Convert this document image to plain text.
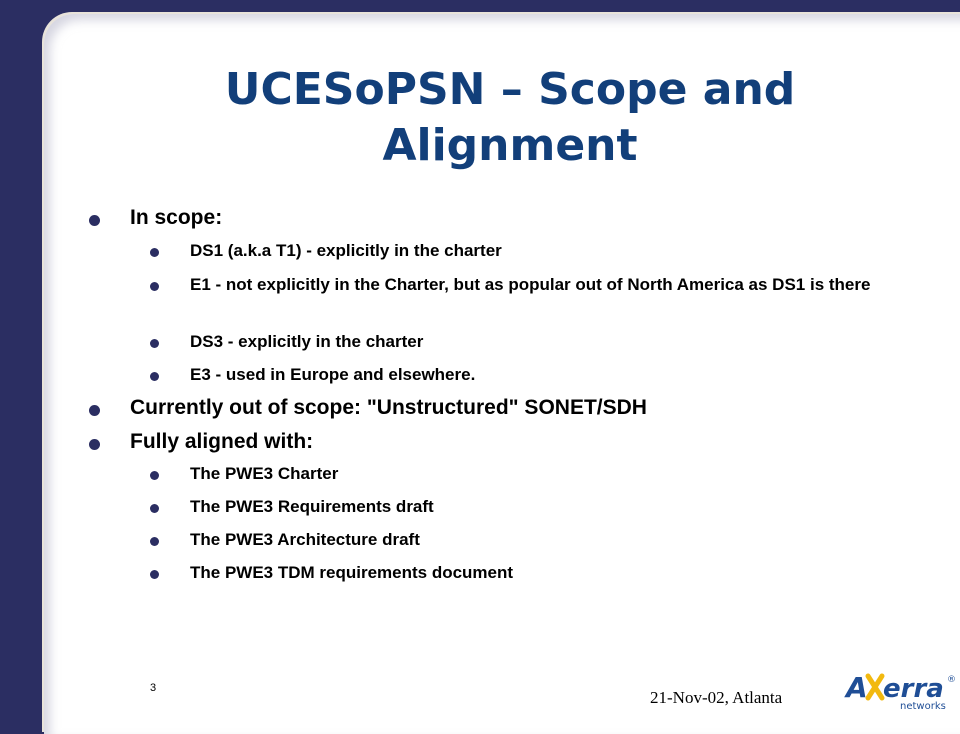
UCESoPSN – Scope and Alignment
In scope:
DS1 (a.k.a T1) - explicitly in the charter
E1 - not explicitly in the Charter, but as popular out of North America as DS1 is there
DS3 - explicitly in the charter
E3 - used in Europe and elsewhere.
Currently out of scope: "Unstructured" SONET/SDH
Fully aligned with:
The PWE3 Charter
The PWE3 Requirements draft
The PWE3 Architecture draft
The PWE3 TDM requirements document
3	21-Nov-02, Atlanta A erra ®
networks
